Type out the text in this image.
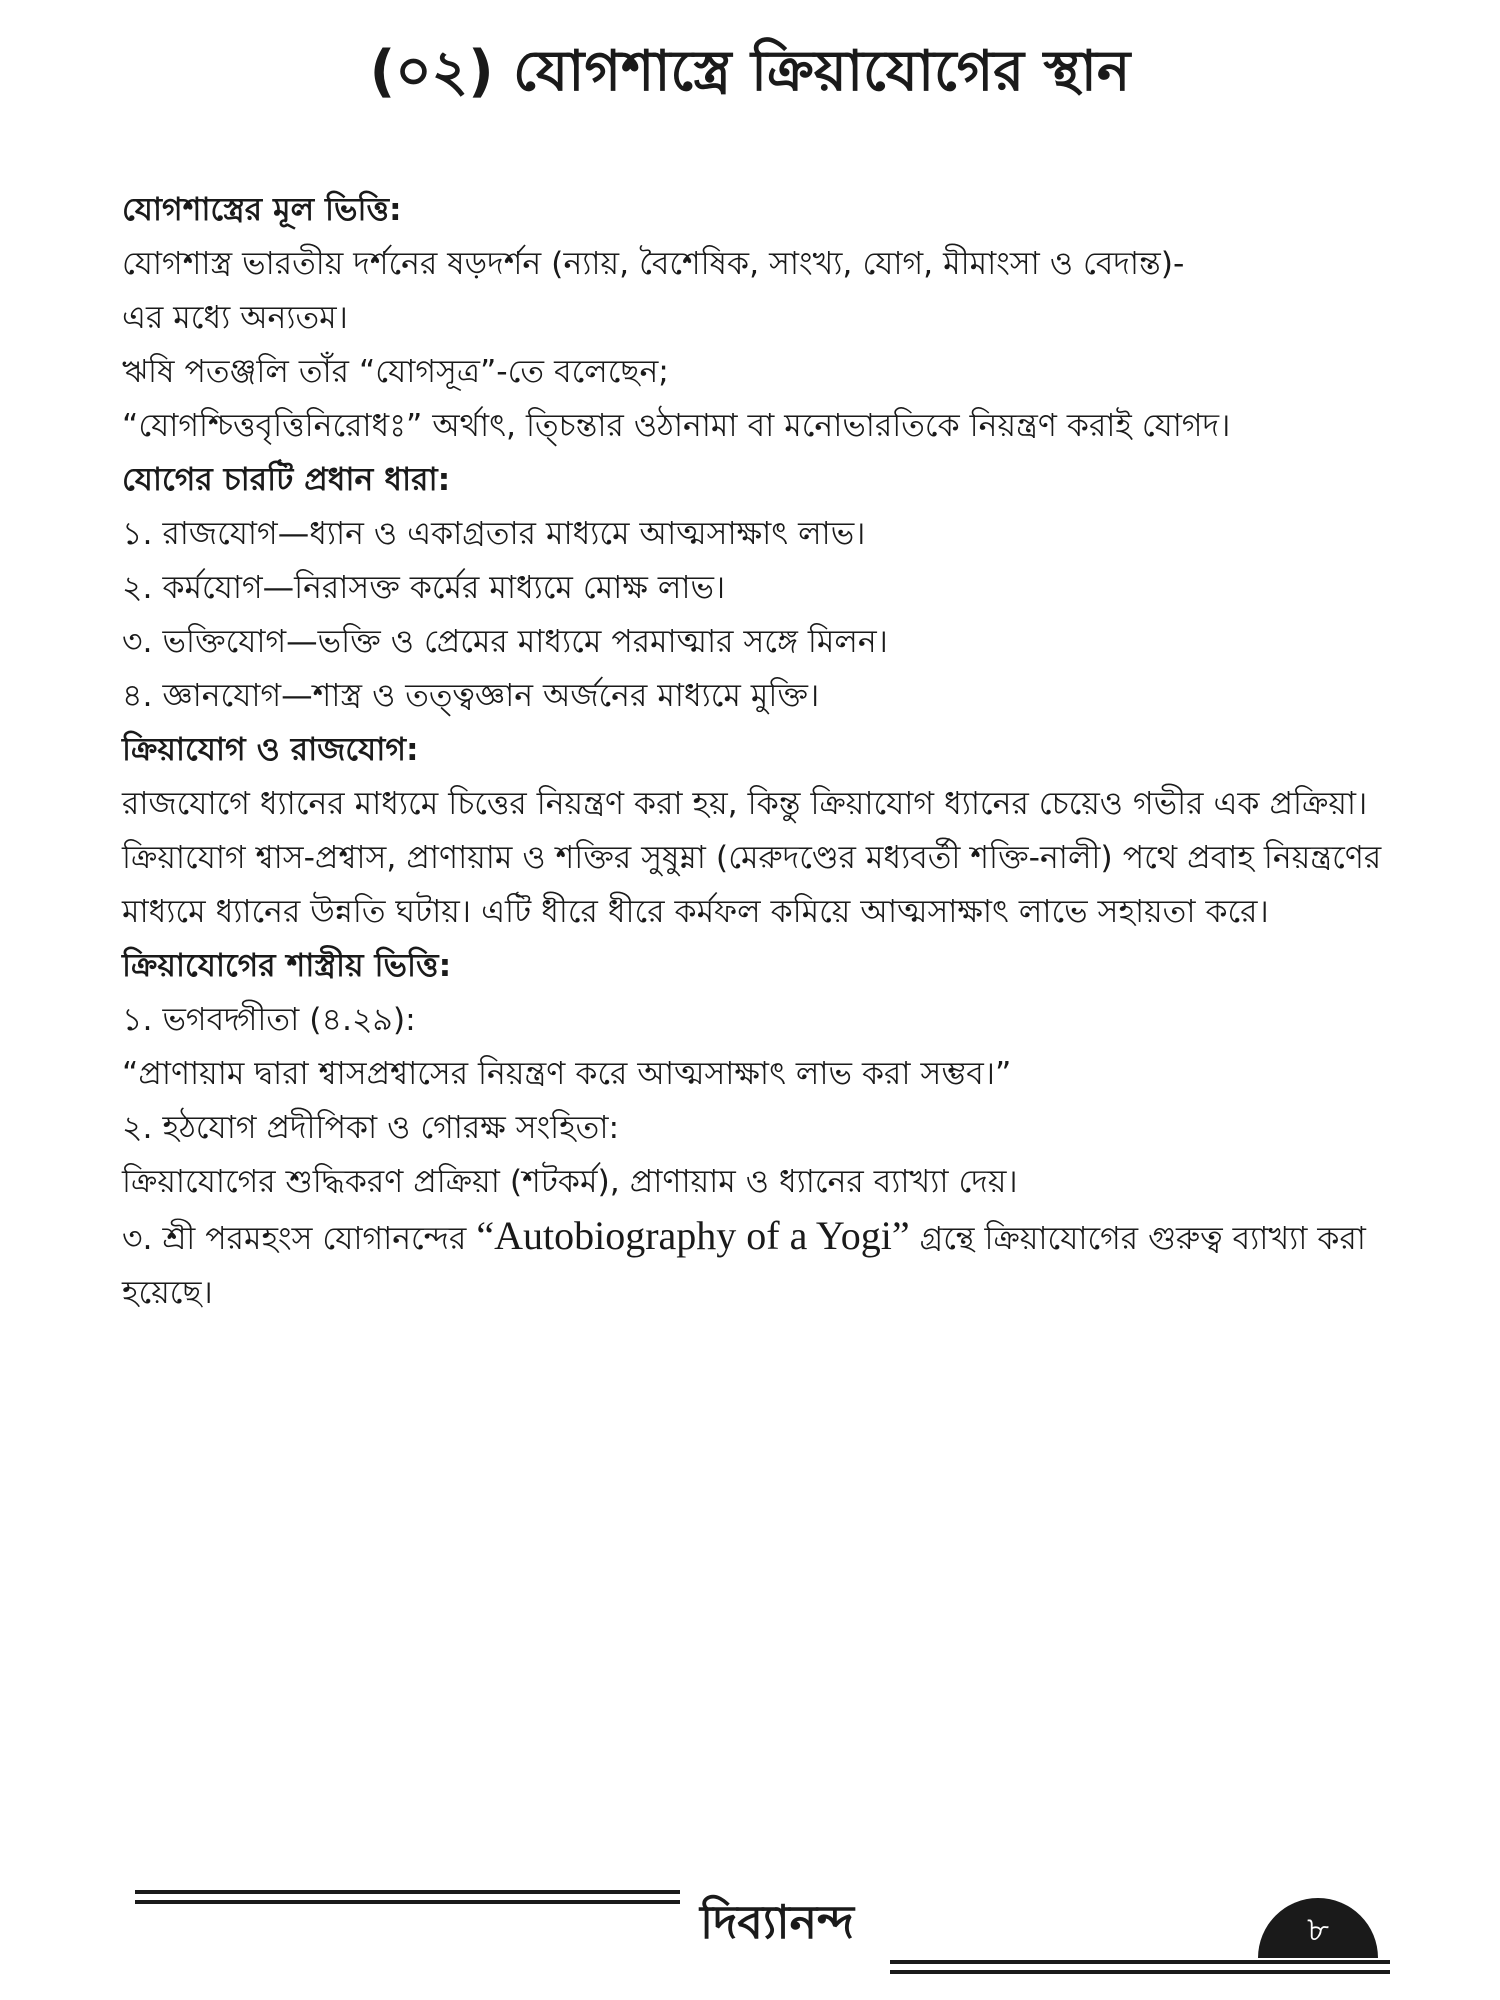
(০২) যোগশাস্ত্রে ক্রিয়াযোগের স্থান

যোগশাস্ত্রের মূল ভিত্তি:

যোগশাস্ত্র ভারতীয় দর্শনের ষড়দর্শন (ন্যায়, বৈশেষিক, সাংখ্য, যোগ, মীমাংসা ও বেদান্ত)-

এর মধ্যে অন্যতম।

ঋষি পতঞ্জলি তাঁর “যোগসূত্র”-তে বলেছেন;

“যোগশ্চিত্তবৃত্তিনিরোধঃ” অর্থাৎ, ত্চিন্তার ওঠানামা বা মনোভারতিকে নিয়ন্ত্রণ করাই যোগদ।

যোগের চারটি প্রধান ধারা:

১. রাজযোগ—ধ্যান ও একাগ্রতার মাধ্যমে আত্মসাক্ষাৎ লাভ।

২. কর্মযোগ—নিরাসক্ত কর্মের মাধ্যমে মোক্ষ লাভ।

৩. ভক্তিযোগ—ভক্তি ও প্রেমের মাধ্যমে পরমাত্মার সঙ্গে মিলন।

৪. জ্ঞানযোগ—শাস্ত্র ও তত্ত্বজ্ঞান অর্জনের মাধ্যমে মুক্তি।

ক্রিয়াযোগ ও রাজযোগ:

রাজযোগে ধ্যানের মাধ্যমে চিত্তের নিয়ন্ত্রণ করা হয়, কিন্তু ক্রিয়াযোগ ধ্যানের চেয়েও গভীর এক প্রক্রিয়া। ক্রিয়াযোগ শ্বাস-প্রশ্বাস, প্রাণায়াম ও শক্তির সুষুম্না (মেরুদণ্ডের মধ্যবর্তী শক্তি-নালী) পথে প্রবাহ নিয়ন্ত্রণের মাধ্যমে ধ্যানের উন্নতি ঘটায়। এটি ধীরে ধীরে কর্মফল কমিয়ে আত্মসাক্ষাৎ লাভে সহায়তা করে।

ক্রিয়াযোগের শাস্ত্রীয় ভিত্তি:

১. ভগবদ্গীতা (৪.২৯):

“প্রাণায়াম দ্বারা শ্বাসপ্রশ্বাসের নিয়ন্ত্রণ করে আত্মসাক্ষাৎ লাভ করা সম্ভব।”

২. হঠযোগ প্রদীপিকা ও গোরক্ষ সংহিতা:

ক্রিয়াযোগের শুদ্ধিকরণ প্রক্রিয়া (শটকর্ম), প্রাণায়াম ও ধ্যানের ব্যাখ্যা দেয়।

৩. শ্রী পরমহংস যোগানন্দের “Autobiography of a Yogi” গ্রন্থে ক্রিয়াযোগের গুরুত্ব ব্যাখ্যা করা হয়েছে।

দিব্যানন্দ	৮
